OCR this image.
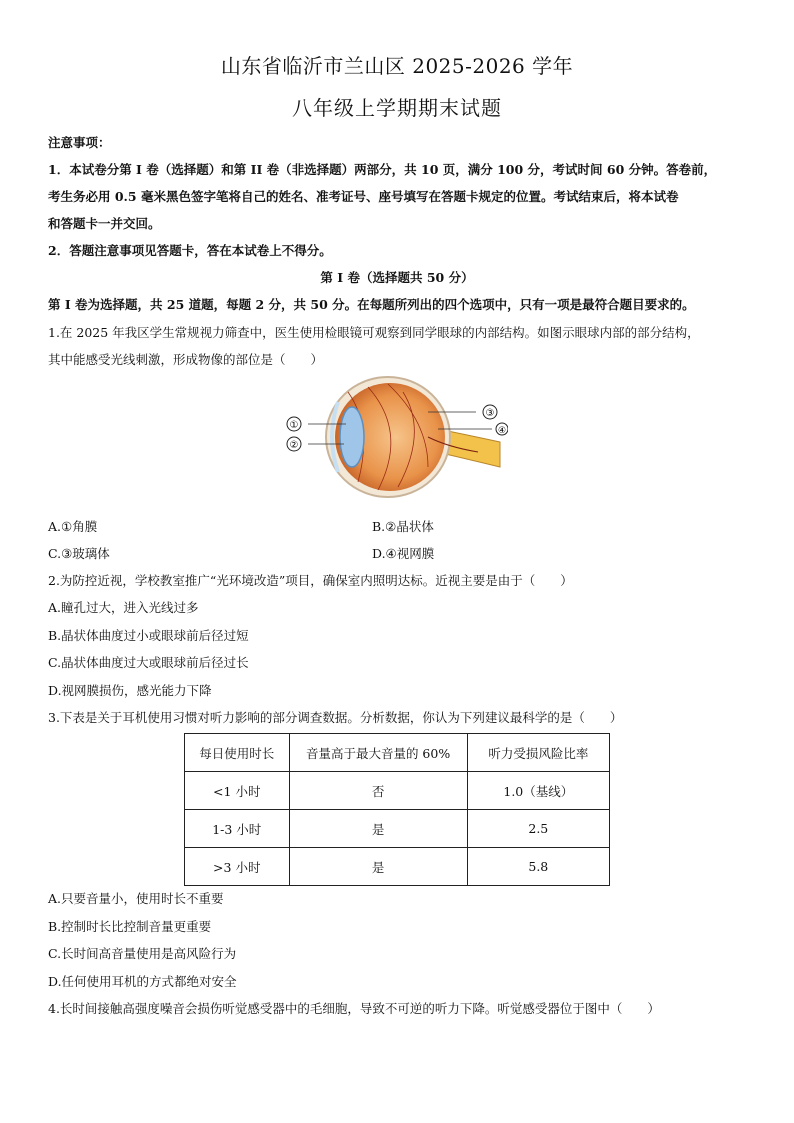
山东省临沂市兰山区 2025-2026 学年
八年级上学期期末试题
注意事项：
1．本试卷分第 I 卷（选择题）和第 II 卷（非选择题）两部分，共 10 页，满分 100 分，考试时间 60 分钟。答卷前，
考生务必用 0.5 毫米黑色签字笔将自己的姓名、准考证号、座号填写在答题卡规定的位置。考试结束后，将本试卷
和答题卡一并交回。
2．答题注意事项见答题卡，答在本试卷上不得分。
第 I 卷（选择题共 50 分）
第 I 卷为选择题，共 25 道题，每题 2 分，共 50 分。在每题所列出的四个选项中，只有一项是最符合题目要求的。
1.在 2025 年我区学生常规视力筛查中，医生使用检眼镜可观察到同学眼球的内部结构。如图示眼球内部的部分结构，
其中能感受光线刺激，形成物像的部位是（　　）
①
②
③
④
A.①角膜	B.②晶状体
C.③玻璃体	D.④视网膜
2.为防控近视，学校教室推广“光环境改造”项目，确保室内照明达标。近视主要是由于（　　）
A.瞳孔过大，进入光线过多
B.晶状体曲度过小或眼球前后径过短
C.晶状体曲度过大或眼球前后径过长
D.视网膜损伤，感光能力下降
3.下表是关于耳机使用习惯对听力影响的部分调查数据。分析数据，你认为下列建议最科学的是（　　）
每日使用时长	音量高于最大音量的 60%	听力受损风险比率
<1 小时	否	1.0（基线）
1-3 小时	是	2.5
>3 小时	是	5.8
A.只要音量小，使用时长不重要
B.控制时长比控制音量更重要
C.长时间高音量使用是高风险行为
D.任何使用耳机的方式都绝对安全
4.长时间接触高强度噪音会损伤听觉感受器中的毛细胞，导致不可逆的听力下降。听觉感受器位于图中（　　）
